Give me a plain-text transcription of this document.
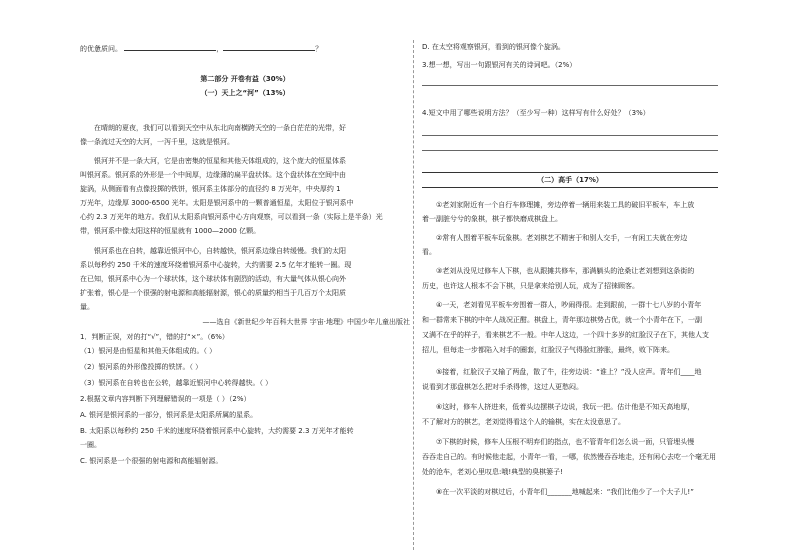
的优惫质问。	，	？
第二部分 开卷有益（30%）
（一）天上之“河”（13%）
在晴朗的夏夜，我们可以看到天空中从东北向南横跨天空的一条白茫茫的光带，好
像一条流过天空的大河，一泻千里，这就是银河。
银河并不是一条大河，它是由密集的恒星和其他天体组成的，这个庞大的恒星体系
叫银河系。银河系的外形是一个中间厚，边缘薄的扁平盘状体。这个盘状体在空间中由
旋涡，从侧面看有点像投掷的铁饼，银河系主体部分的直径约 8 万光年，中央厚约 1
万光年，边缘厚 3000-6500 光年。太阳是银河系中的一颗普通恒星，太阳位于银河系中
心约 2.3 万光年的地方。我们从太阳系向银河系中心方向观察，可以看到一条（实际上是半条）光
带，银河系中像太阳这样的恒星就有 1000—2000 亿颗。
银河系也在自转，越靠近银河中心，自转越快，银河系边缘自转缓慢。我们的太阳
系以每秒约 250 千米的速度环绕着银河系中心旋转，大约需要 2.5 亿年才能转一圈。现
在已知，银河系中心为一个球状体，这个球状体有剧烈的活动，有大量气体从银心向外
扩张着，银心是一个很强的射电源和高能辐射源，银心的质量约相当于几百万个太阳质
量。
——选自《新世纪少年百科大世界 宇宙·地理》中国少年儿童出版社
1．判断正误，对的打“√”，错的打“×”。（6%）
（1）银河是由恒星和其他天体组成的。（ ）
（2）银河系的外形像投掷的铁饼。（ ）
（3）银河系在自转也在公转，越靠近银河中心转得越快。（ ）
2.根据文章内容判断下列理解错误的一项是（ ）（2%）
A. 银河是银河系的一部分，银河系是太阳系所属的星系。
B. 太阳系以每秒约 250 千米的速度环绕着银河系中心旋转，大约需要 2.3 万光年才能转
一圈。
C. 银河系是一个很强的射电源和高能辐射源。
D. 在太空将观察银河，看到的银河像个旋涡。
3.想一想，写出一句跟银河有关的诗词吧。（2%）
4.短文中用了哪些说明方法？（至少写一种）这样写有什么好处？（3%）
（二）高手（17%）
①老刘家附近有一个自行车修理摊，旁边停着一辆用来装工具的破旧平板车，车上放
着一副脏兮兮的象棋，棋子都快磨成棋盘上。
②常有人围着平板车玩象棋。老刘棋艺不精害于和别人交手，一有闲工夫就在旁边
看。
③老刘从没见过修车人下棋，也从跟摊共修车，那满躺头的沧桑让老刘想到这条街的
历史，也许这人根本不会下棋，只是拿来给别人玩，成为了招徕顾客。
④一天，老刘看见平板车旁围着一群人，吵闹得很。走到跟前，一群十七八岁的小青年
和一群常来下棋的中年人战况正酣。棋盘上，青年那边棋势占优，就一个小青年在下，一副
又满不在乎的样子，看来棋艺不一般。中年人这边，一个四十多岁的红脸汉子在下，其他人支
招儿，但每走一步都陷入对手的圈套，红脸汉子气得脸红脖胀，最终，败下阵来。
⑤接着，红脸汉子又输了两盘，散了牛，往旁边说：“谁上？”没人应声。青年们____地
说看到才那盘棋怎么把对手杀得惨，这过人更愁闷。
⑥这时，修车人挤进来，低着头边摆棋子边说，我玩一把。估计他是不知天高地厚，
不了解对方的棋艺，老刘觉得看这个人的输棋，实在太没意思了。
⑦下棋的时候，修车人压根不明弃们的指点，也不管青年们怎么说一面，只管埋头慢
吞吞走自己的。有时候他走起，小青年一看，一哪，依然慢吞吞地走，还有闲心去吃一个毫无用
处的沧车，老刘心里叹息:哦!典型的臭棋篓子!
⑧在一次平淡的对棋过后，小青年们_______地喊起来：“我们比他少了一个大子儿!”
